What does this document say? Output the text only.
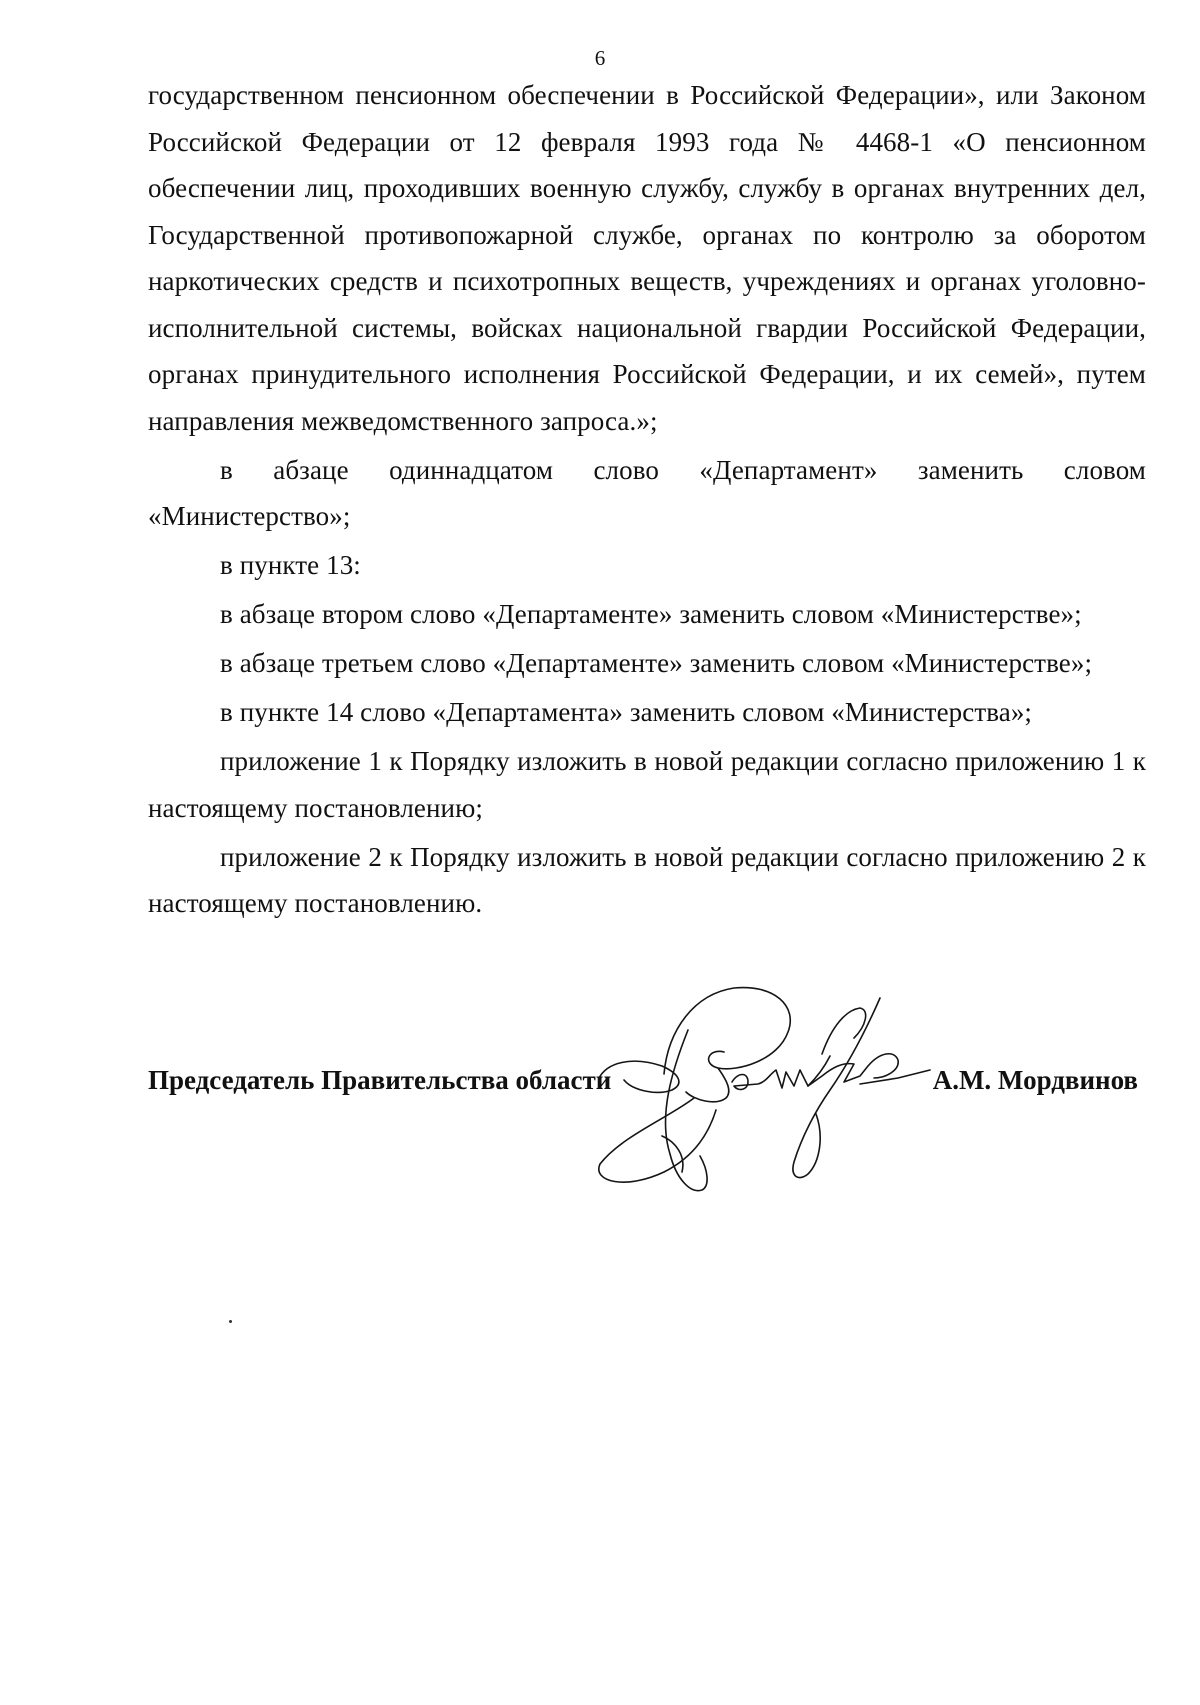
6

государственном пенсионном обеспечении в Российской Федерации», или Законом Российской Федерации от 12 февраля 1993 года № 4468-1 «О пенсионном обеспечении лиц, проходивших военную службу, службу в органах внутренних дел, Государственной противопожарной службе, органах по контролю за оборотом наркотических средств и психотропных веществ, учреждениях и органах уголовно-исполнительной системы, войсках национальной гвардии Российской Федерации, органах принудительного исполнения Российской Федерации, и их семей», путем направления межведомственного запроса.»;

в абзаце одиннадцатом слово «Департамент» заменить словом «Министерство»;

в пункте 13:

в абзаце втором слово «Департаменте» заменить словом «Министерстве»;

в абзаце третьем слово «Департаменте» заменить словом «Министерстве»;

в пункте 14 слово «Департамента» заменить словом «Министерства»;

приложение 1 к Порядку изложить в новой редакции согласно приложению 1 к настоящему постановлению;

приложение 2 к Порядку изложить в новой редакции согласно приложению 2 к настоящему постановлению.

Председатель Правительства области	А.М. Мордвинов
